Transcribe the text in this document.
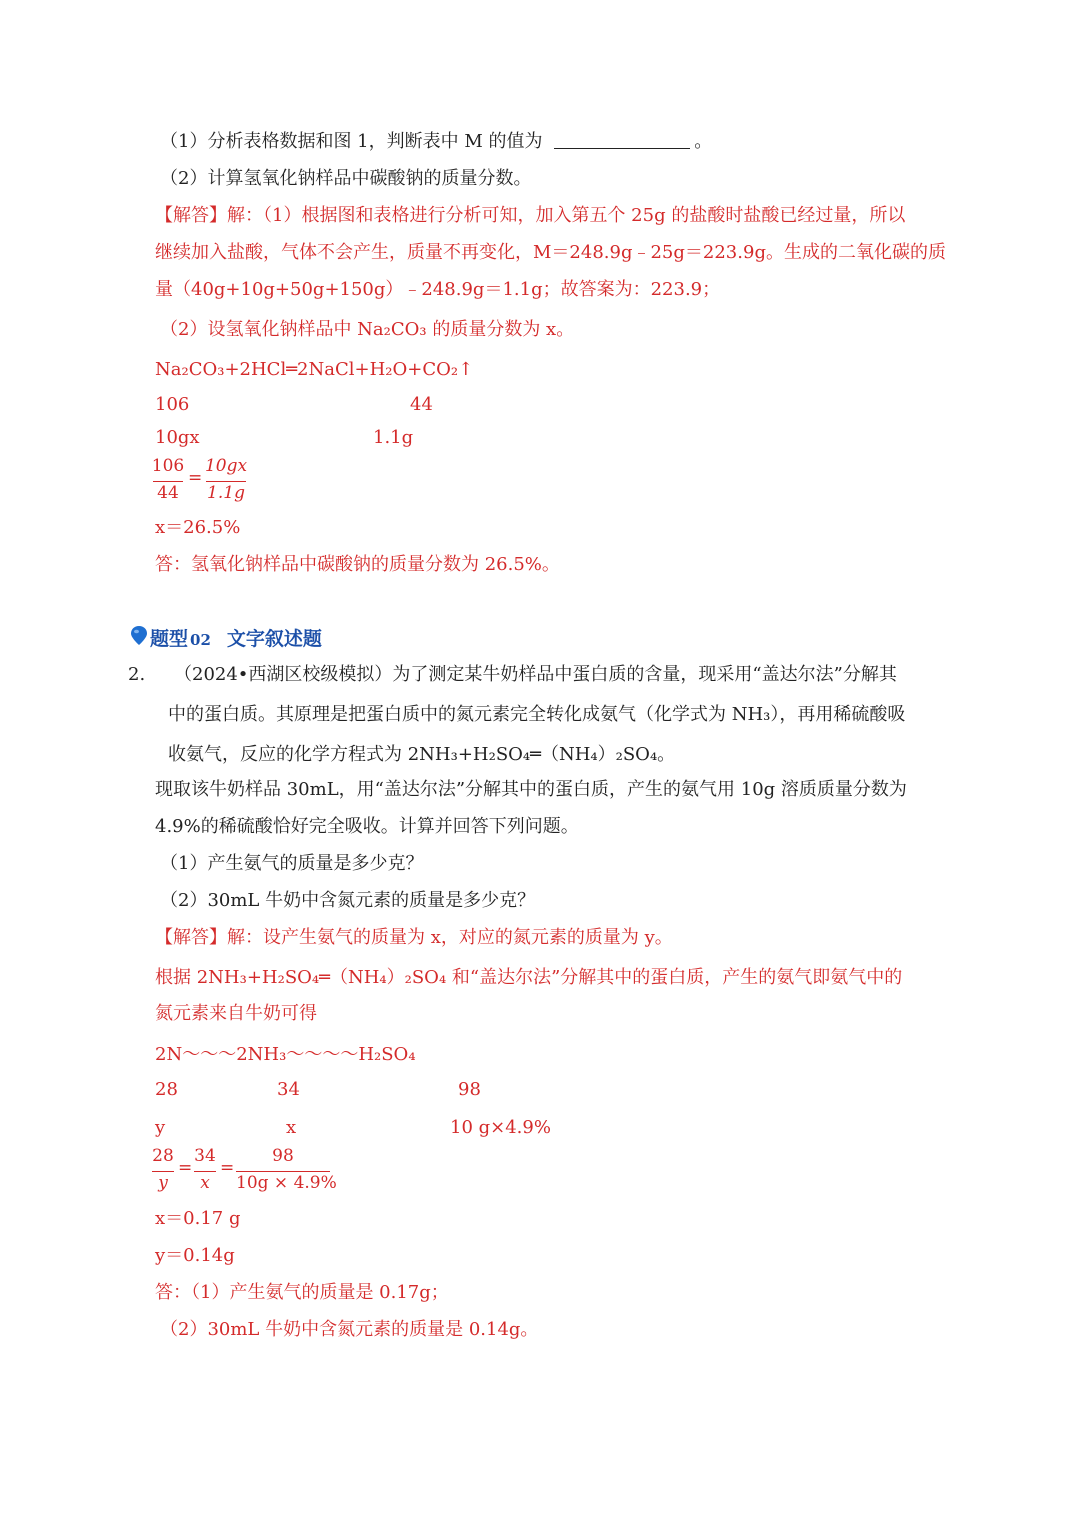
（1）分析表格数据和图 1，判断表中 M 的值为	。
（2）计算氢氧化钠样品中碳酸钠的质量分数。
【解答】解：（1）根据图和表格进行分析可知，加入第五个 25g 的盐酸时盐酸已经过量，所以
继续加入盐酸，气体不会产生，质量不再变化，M＝248.9g﹣25g＝223.9g。生成的二氧化碳的质
量（40g+10g+50g+150g）﹣248.9g＝1.1g；故答案为：223.9；
（2）设氢氧化钠样品中 Na₂CO₃ 的质量分数为 x。
Na₂CO₃+2HCl═2NaCl+H₂O+CO₂↑
106	44
10gx	1.1g
106
44
=
10gx
1.1g
x＝26.5%
答：氢氧化钠样品中碳酸钠的质量分数为 26.5%。
题型 02 文字叙述题
2. （2024•西湖区校级模拟）为了测定某牛奶样品中蛋白质的含量，现采用“盖达尔法”分解其
中的蛋白质。其原理是把蛋白质中的氮元素完全转化成氨气（化学式为 NH₃），再用稀硫酸吸
收氨气，反应的化学方程式为 2NH₃+H₂SO₄═（NH₄）₂SO₄。
现取该牛奶样品 30mL，用“盖达尔法”分解其中的蛋白质，产生的氨气用 10g 溶质质量分数为
4.9%的稀硫酸恰好完全吸收。计算并回答下列问题。
（1）产生氨气的质量是多少克？
（2）30mL 牛奶中含氮元素的质量是多少克？
【解答】解：设产生氨气的质量为 x，对应的氮元素的质量为 y。
根据 2NH₃+H₂SO₄═（NH₄）₂SO₄ 和“盖达尔法”分解其中的蛋白质，产生的氨气即氨气中的
氮元素来自牛奶可得
2N～～～2NH₃～～～～H₂SO₄
28	34	98
y	x	10 g×4.9%
28
y
=
34
x
=
98
10g × 4.9%
x＝0.17 g
y＝0.14g
答：（1）产生氨气的质量是 0.17g；
（2）30mL 牛奶中含氮元素的质量是 0.14g。
